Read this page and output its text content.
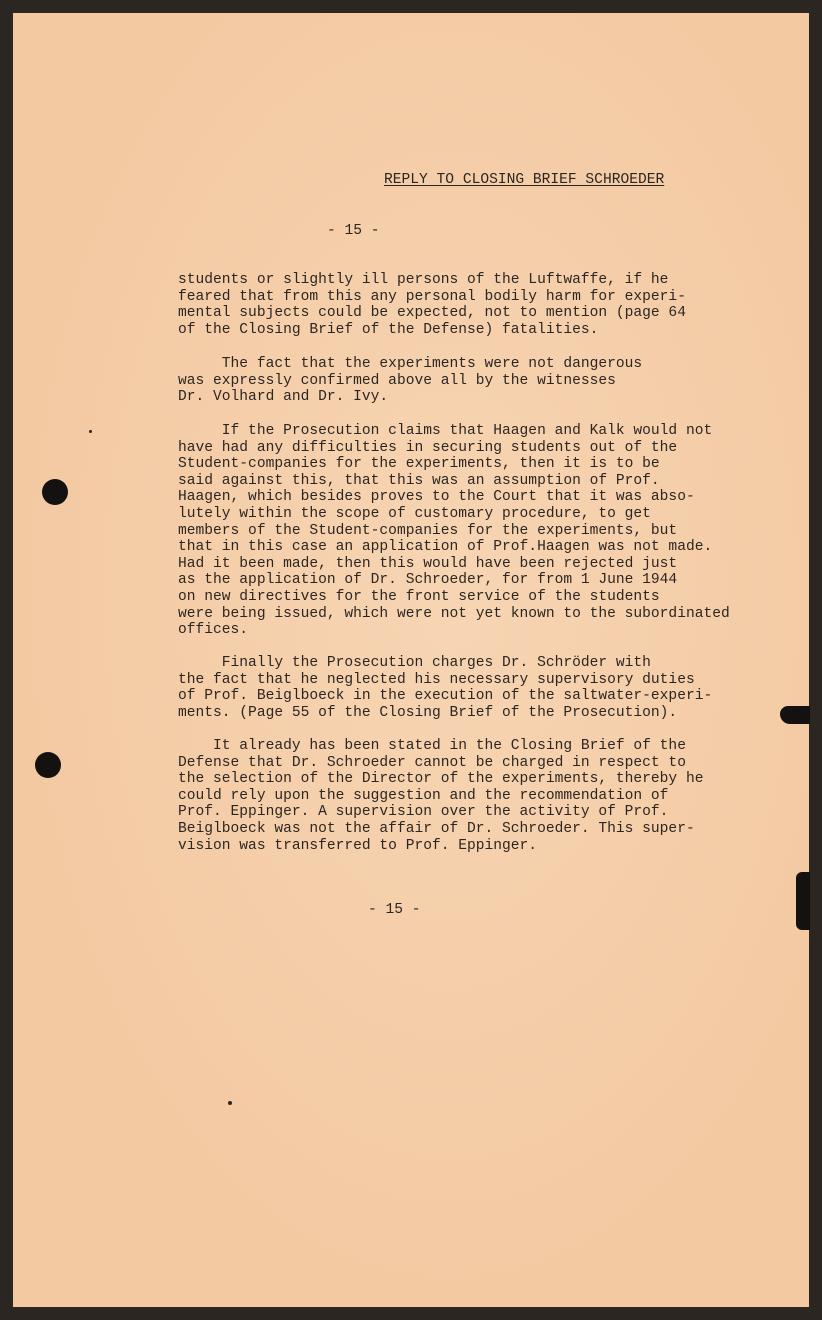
REPLY TO CLOSING BRIEF SCHROEDER
- 15 -

students or slightly ill persons of the Luftwaffe, if he
feared that from this any personal bodily harm for experi-
mental subjects could be expected, not to mention (page 64
of the Closing Brief of the Defense) fatalities.

The fact that the experiments were not dangerous
was expressly confirmed above all by the witnesses
Dr. Volhard and Dr. Ivy.

If the Prosecution claims that Haagen and Kalk would not
have had any difficulties in securing students out of the
Student-companies for the experiments, then it is to be
said against this, that this was an assumption of Prof.
Haagen, which besides proves to the Court that it was abso-
lutely within the scope of customary procedure, to get
members of the Student-companies for the experiments, but
that in this case an application of Prof.Haagen was not made.
Had it been made, then this would have been rejected just
as the application of Dr. Schroeder, for from 1 June 1944
on new directives for the front service of the students
were being issued, which were not yet known to the subordinated
offices.

Finally the Prosecution charges Dr. Schröder with
the fact that he neglected his necessary supervisory duties
of Prof. Beiglboeck in the execution of the saltwater-experi-
ments. (Page 55 of the Closing Brief of the Prosecution).

It already has been stated in the Closing Brief of the
Defense that Dr. Schroeder cannot be charged in respect to
the selection of the Director of the experiments, thereby he
could rely upon the suggestion and the recommendation of
Prof. Eppinger. A supervision over the activity of Prof.
Beiglboeck was not the affair of Dr. Schroeder. This super-
vision was transferred to Prof. Eppinger.

- 15 -
